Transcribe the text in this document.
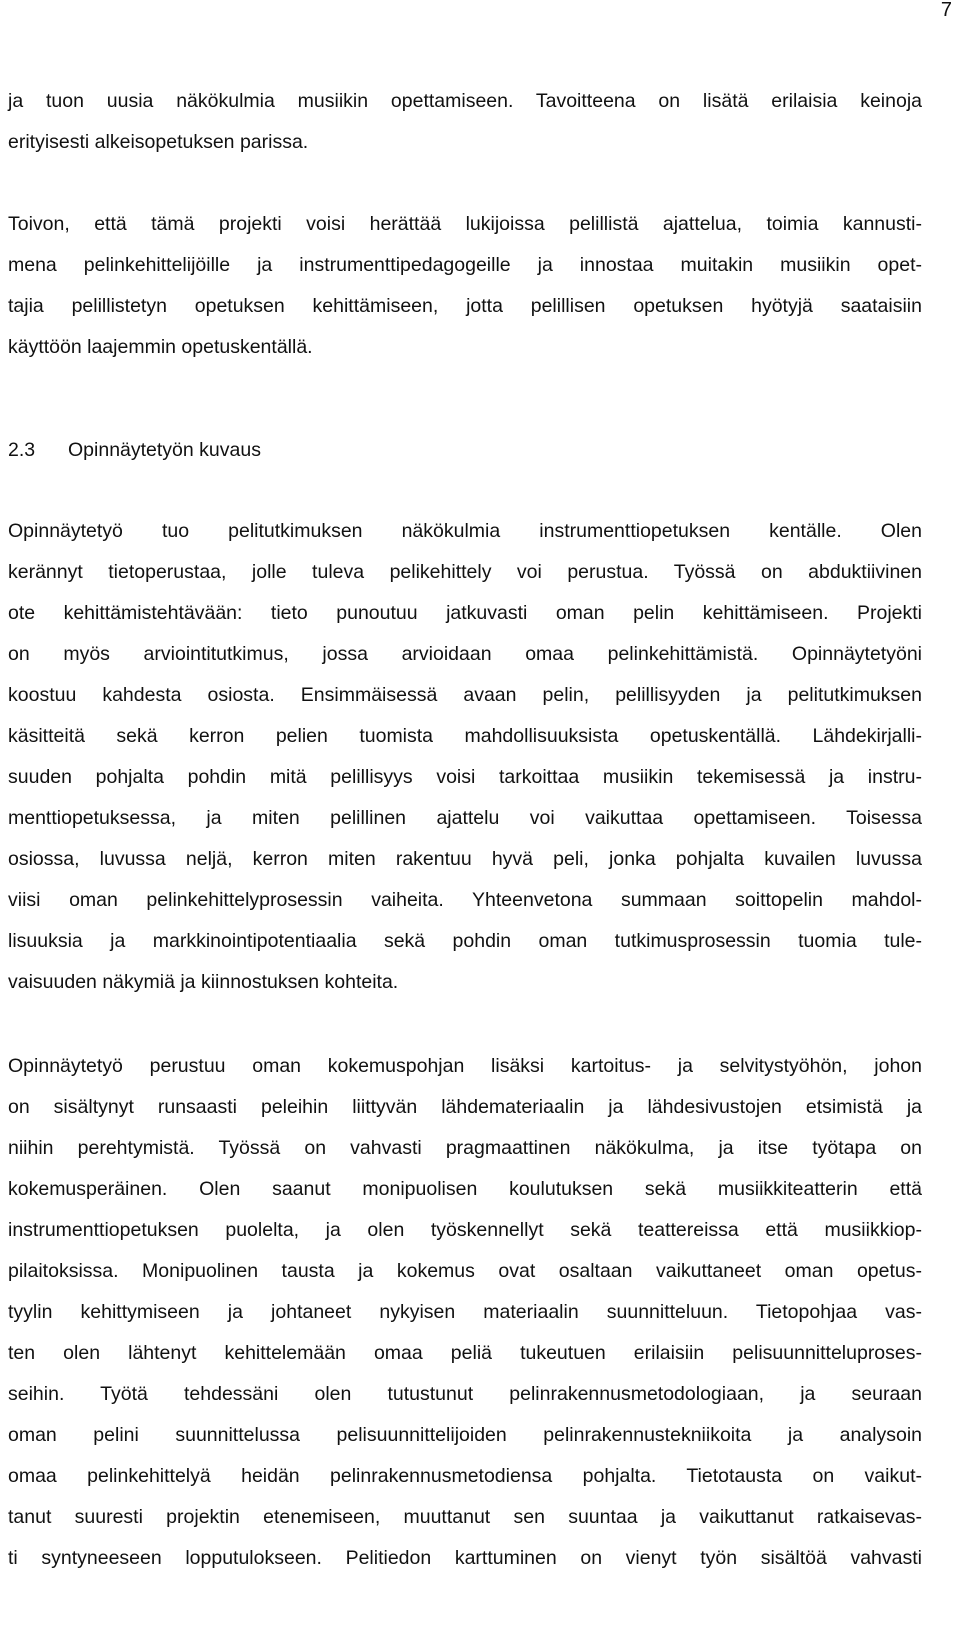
7
2.3 Opinnäytetyön kuvaus
ja tuon uusia näkökulmia musiikin opettamiseen. Tavoitteena on lisätä erilaisia keinoja
erityisesti alkeisopetuksen parissa.
Toivon, että tämä projekti voisi herättää lukijoissa pelillistä ajattelua, toimia kannusti-
mena pelinkehittelijöille ja instrumenttipedagogeille ja innostaa muitakin musiikin opet-
tajia pelillistetyn opetuksen kehittämiseen, jotta pelillisen opetuksen hyötyjä saataisiin
käyttöön laajemmin opetuskentällä.
Opinnäytetyö tuo pelitutkimuksen näkökulmia instrumenttiopetuksen kentälle. Olen
kerännyt tietoperustaa, jolle tuleva pelikehittely voi perustua. Työssä on abduktiivinen
ote kehittämistehtävään: tieto punoutuu jatkuvasti oman pelin kehittämiseen. Projekti
on myös arviointitutkimus, jossa arvioidaan omaa pelinkehittämistä. Opinnäytetyöni
koostuu kahdesta osiosta. Ensimmäisessä avaan pelin, pelillisyyden ja pelitutkimuksen
käsitteitä sekä kerron pelien tuomista mahdollisuuksista opetuskentällä. Lähdekirjalli-
suuden pohjalta pohdin mitä pelillisyys voisi tarkoittaa musiikin tekemisessä ja instru-
menttiopetuksessa, ja miten pelillinen ajattelu voi vaikuttaa opettamiseen. Toisessa
osiossa, luvussa neljä, kerron miten rakentuu hyvä peli, jonka pohjalta kuvailen luvussa
viisi oman pelinkehittelyprosessin vaiheita. Yhteenvetona summaan soittopelin mahdol-
lisuuksia ja markkinointipotentiaalia sekä pohdin oman tutkimusprosessin tuomia tule-
vaisuuden näkymiä ja kiinnostuksen kohteita.
Opinnäytetyö perustuu oman kokemuspohjan lisäksi kartoitus- ja selvitystyöhön, johon
on sisältynyt runsaasti peleihin liittyvän lähdemateriaalin ja lähdesivustojen etsimistä ja
niihin perehtymistä. Työssä on vahvasti pragmaattinen näkökulma, ja itse työtapa on
kokemusperäinen. Olen saanut monipuolisen koulutuksen sekä musiikkiteatterin että
instrumenttiopetuksen puolelta, ja olen työskennellyt sekä teattereissa että musiikkiop-
pilaitoksissa. Monipuolinen tausta ja kokemus ovat osaltaan vaikuttaneet oman opetus-
tyylin kehittymiseen ja johtaneet nykyisen materiaalin suunnitteluun. Tietopohjaa vas-
ten olen lähtenyt kehittelemään omaa peliä tukeutuen erilaisiin pelisuunnitteluproses-
seihin. Työtä tehdessäni olen tutustunut pelinrakennusmetodologiaan, ja seuraan
oman pelini suunnittelussa pelisuunnittelijoiden pelinrakennustekniikoita ja analysoin
omaa pelinkehittelyä heidän pelinrakennusmetodiensa pohjalta. Tietotausta on vaikut-
tanut suuresti projektin etenemiseen, muuttanut sen suuntaa ja vaikuttanut ratkaisevas-
ti syntyneeseen lopputulokseen. Pelitiedon karttuminen on vienyt työn sisältöä vahvasti
